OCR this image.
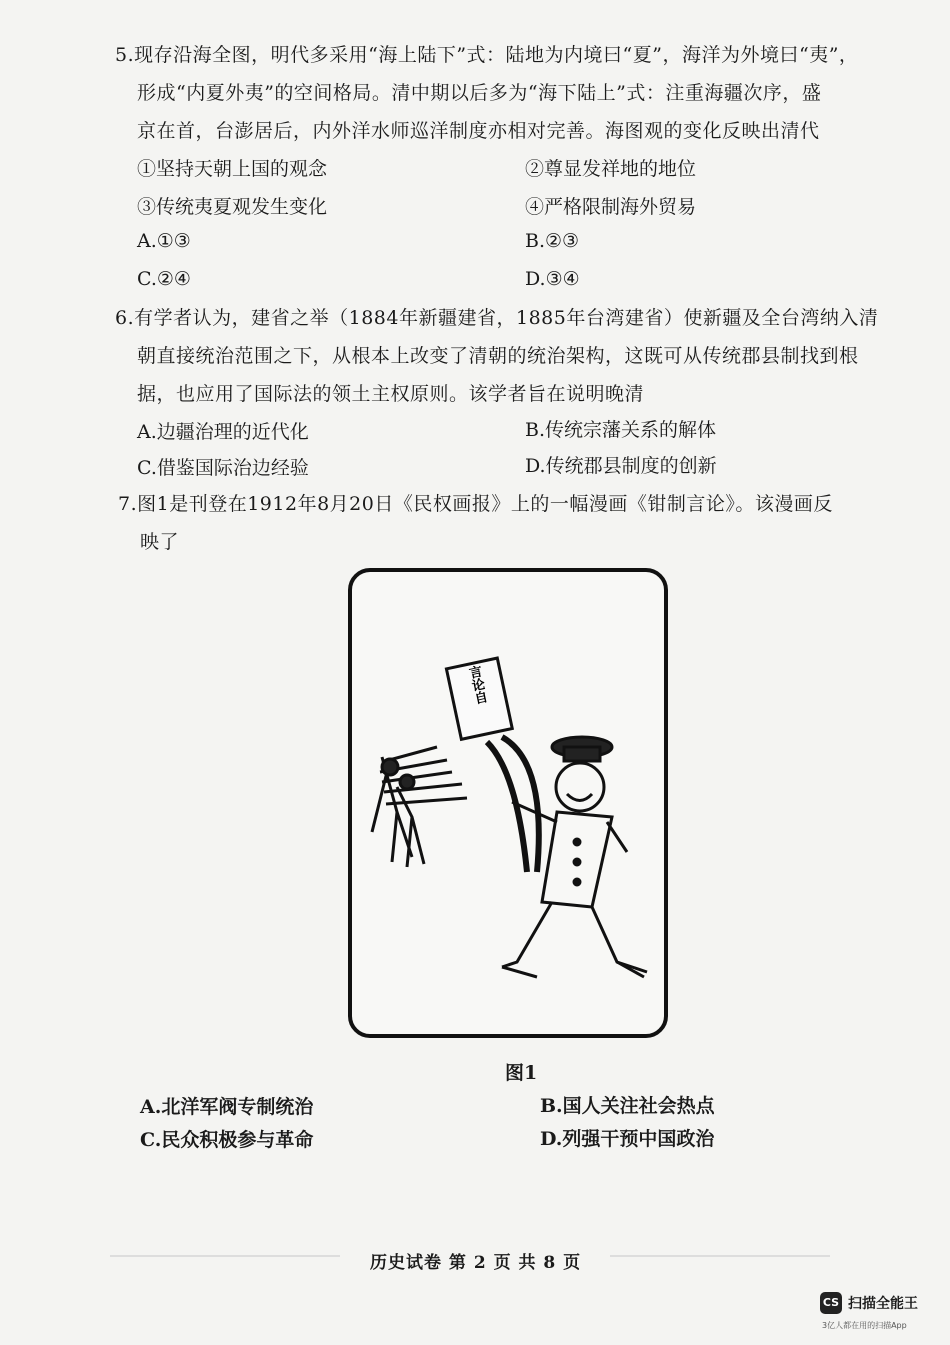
5.现存沿海全图，明代多采用“海上陆下”式：陆地为内境曰“夏”，海洋为外境曰“夷”，
形成“内夏外夷”的空间格局。清中期以后多为“海下陆上”式：注重海疆次序，盛
京在首，台澎居后，内外洋水师巡洋制度亦相对完善。海图观的变化反映出清代
①坚持天朝上国的观念	②尊显发祥地的地位
③传统夷夏观发生变化	④严格限制海外贸易
A.①③	B.②③
C.②④	D.③④
6.有学者认为，建省之举（1884年新疆建省，1885年台湾建省）使新疆及全台湾纳入清
朝直接统治范围之下，从根本上改变了清朝的统治架构，这既可从传统郡县制找到根
据，也应用了国际法的领土主权原则。该学者旨在说明晚清
A.边疆治理的近代化	B.传统宗藩关系的解体
C.借鉴国际治边经验	D.传统郡县制度的创新
7.图1是刊登在1912年8月20日《民权画报》上的一幅漫画《钳制言论》。该漫画反
映了
言论自
图1
A.北洋军阀专制统治	B.国人关注社会热点
C.民众积极参与革命	D.列强干预中国政治
历史试卷 第 2 页 共 8 页
CS 扫描全能王
3亿人都在用的扫描App
